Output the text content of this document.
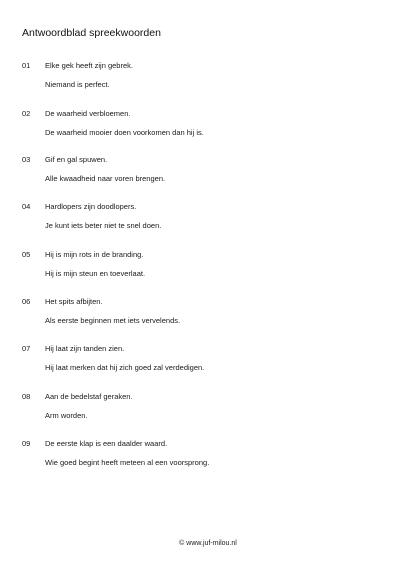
Antwoordblad spreekwoorden
01 Elke gek heeft zijn gebrek.
Niemand is perfect.
02 De waarheid verbloemen.
De waarheid mooier doen voorkomen dan hij is.
03 Gif en gal spuwen.
Alle kwaadheid naar voren brengen.
04 Hardlopers zijn doodlopers.
Je kunt iets beter niet te snel doen.
05 Hij is mijn rots in de branding.
Hij is mijn steun en toeverlaat.
06 Het spits afbijten.
Als eerste beginnen met iets vervelends.
07 Hij laat zijn tanden zien.
Hij laat merken dat hij zich goed zal verdedigen.
08 Aan de bedelstaf geraken.
Arm worden.
09 De eerste klap is een daalder waard.
Wie goed begint heeft meteen al een voorsprong.
© www.juf-milou.nl
